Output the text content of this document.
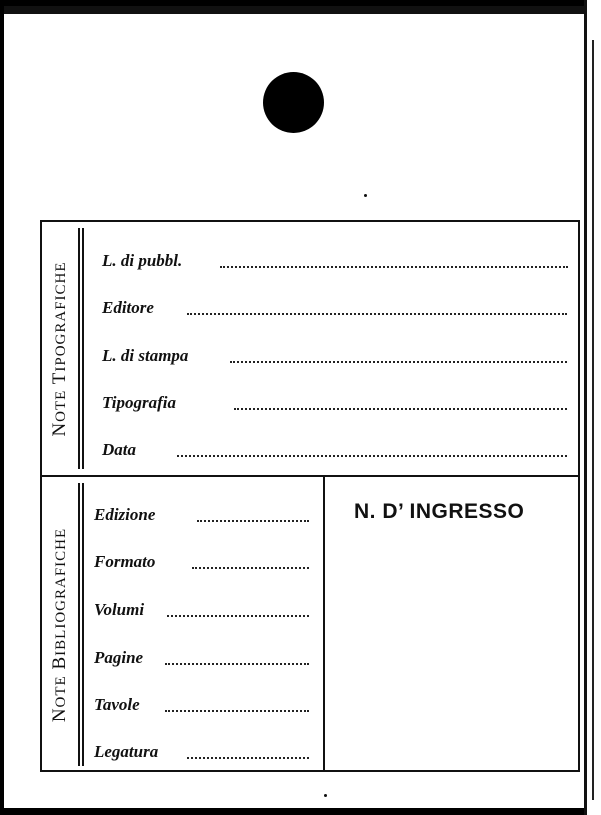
NOTE TIPOGRAFICHE
L. di pubbl.
Editore
L. di stampa
Tipografia
Data
NOTE BIBLIOGRAFICHE
Edizione
Formato
Volumi
Pagine
Tavole
Legatura
N. D’ INGRESSO
